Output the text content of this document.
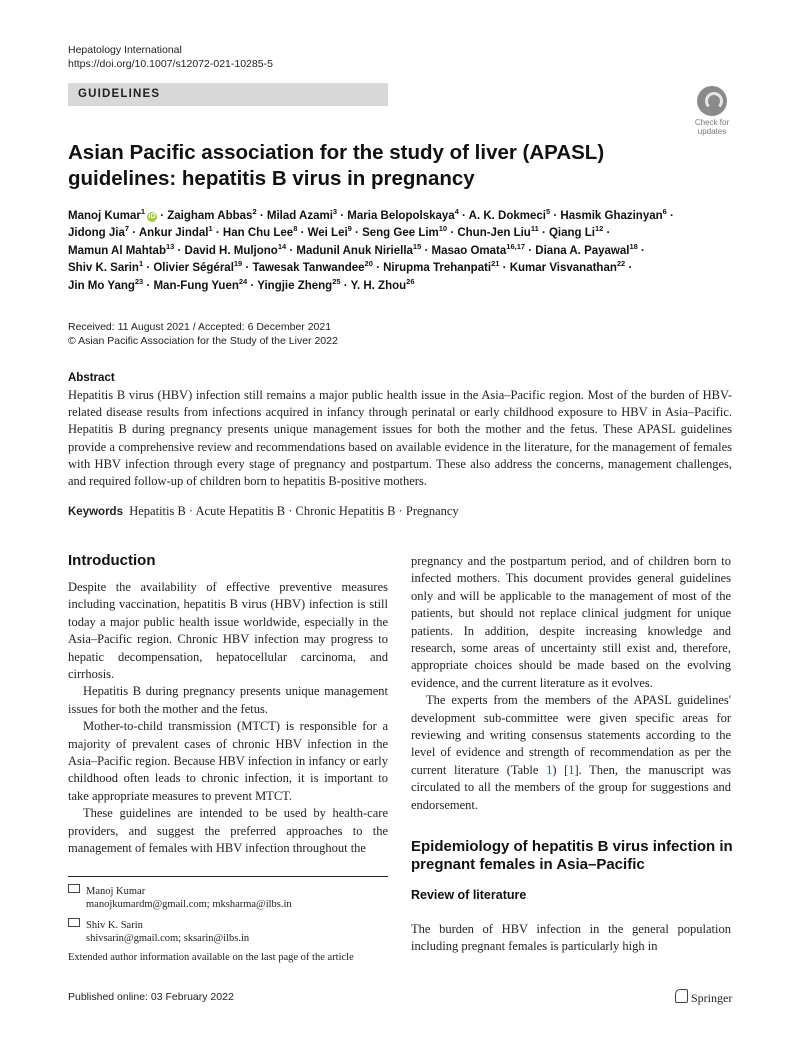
Hepatology International
https://doi.org/10.1007/s12072-021-10285-5
GUIDELINES
Check for
updates
Asian Pacific association for the study of liver (APASL) guidelines: hepatitis B virus in pregnancy
Manoj Kumar$^1$iD · Zaigham Abbas$^2$ · Milad Azami$^3$ · Maria Belopolskaya$^4$ · A. K. Dokmeci$^5$ · Hasmik Ghazinyan$^6$ ·
Jidong Jia$^7$ · Ankur Jindal$^1$ · Han Chu Lee$^8$ · Wei Lei$^9$ · Seng Gee Lim$^{10}$ · Chun-Jen Liu$^{11}$ · Qiang $Li^{12}$ ·
Mamun Al Mahtab$^{13}$ · David H. Muljono$^{14}$ · Madunil Anuk Niriella$^{15}$ · Masao Omata$^{16,17}$ · Diana A. Payawal$^{18}$ ·
Shiv K. Sarin$^1$ · Olivier Ségéral$^{19}$ · Tawesak Tanwandee$^{20}$ · Nirupma Trehanpati$^{21}$ · Kumar Visvanathan$^{22}$ ·
Jin Mo Yang$^{23}$ · Man-Fung Yuen$^{24}$ · Yingjie Zheng$^{25}$ · Y. H. Zhou$^{26}$
Received: 11 August 2021 / Accepted: 6 December 2021
© Asian Pacific Association for the Study of the Liver 2022
Abstract
Hepatitis B virus (HBV) infection still remains a major public health issue in the Asia–Pacific region. Most of the burden of HBV-related disease results from infections acquired in infancy through perinatal or early childhood exposure to HBV in Asia–Pacific. Hepatitis B during pregnancy presents unique management issues for both the mother and the fetus. These APASL guidelines provide a comprehensive review and recommendations based on available evidence in the literature, for the management of females with HBV infection through every stage of pregnancy and postpartum. These also address the concerns, management challenges, and required follow-up of children born to hepatitis B-positive mothers.
Keywords Hepatitis B · Acute Hepatitis B · Chronic Hepatitis B · Pregnancy
Introduction

Despite the availability of effective preventive measures including vaccination, hepatitis B virus (HBV) infection is still today a major public health issue worldwide, especially in the Asia–Pacific region. Chronic HBV infection may progress to hepatic decompensation, hepatocellular carcinoma, and cirrhosis.

Hepatitis B during pregnancy presents unique management issues for both the mother and the fetus.

Mother-to-child transmission (MTCT) is responsible for a majority of prevalent cases of chronic HBV infection in the Asia–Pacific region. Because HBV infection in infancy or early childhood often leads to chronic infection, it is important to take appropriate measures to prevent MTCT.

These guidelines are intended to be used by health-care providers, and suggest the preferred approaches to the management of females with HBV infection throughout the

pregnancy and the postpartum period, and of children born to infected mothers. This document provides general guidelines only and will be applicable to the management of most of the patients, but should not replace clinical judgment for unique patients. In addition, despite increasing knowledge and research, some areas of uncertainty still exist and, therefore, appropriate choices should be made based on the evolving evidence, and the current literature as it evolves.

The experts from the members of the APASL guidelines' development sub-committee were given specific areas for reviewing and writing consensus statements according to the level of evidence and strength of recommendation as per the current literature (Table 1) [1]. Then, the manuscript was circulated to all the members of the group for suggestions and endorsement.

Epidemiology of hepatitis B virus infection in pregnant females in Asia–Pacific
Review of literature

The burden of HBV infection in the general population including pregnant females is particularly high in

Manoj Kumar
manojkumardm@gmail.com; mksharma@ilbs.in
Shiv K. Sarin
shivsarin@gmail.com; sksarin@ilbs.in
Extended author information available on the last page of the article
Published online: 03 February 2022	Springer
